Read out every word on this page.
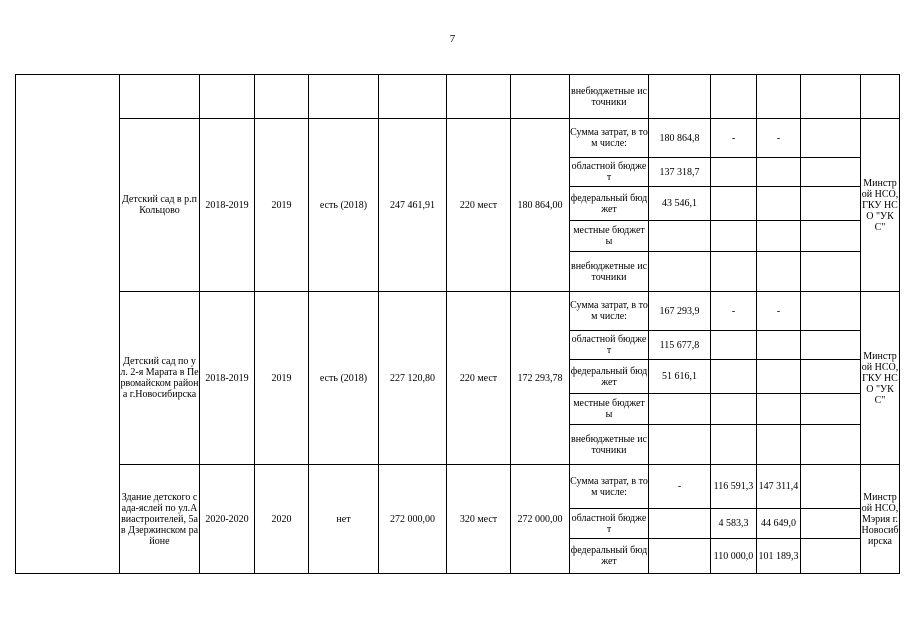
7
								внебюджетные источники					
	Детский сад в р.п Кольцово	2018-2019	2019	есть (2018)	247 461,91	220 мест	180 864,00	Сумма затрат, в том числе:	180 864,8	-	-		Минстрой НСО, ГКУ НСО "УКС"
								областной бюджет	137 318,7				
								федеральный бюджет	43 546,1				
								местные бюджеты					
								внебюджетные источники					
	Детский сад по ул. 2-я Марата в Первомайском района г.Новосибирска	2018-2019	2019	есть (2018)	227 120,80	220 мест	172 293,78	Сумма затрат, в том числе:	167 293,9	-	-		Минстрой НСО, ГКУ НСО "УКС"
								областной бюджет	115 677,8				
								федеральный бюджет	51 616,1				
								местные бюджеты					
								внебюджетные источники					
	Здание детского сада-яслей по ул.Авиастроителей, 5а в Дзержинском районе	2020-2020	2020	нет	272 000,00	320 мест	272 000,00	Сумма затрат, в том числе:	-	116 591,3	147 311,4		Минстрой НСО, Мэрия г.Новосибирска
								областной бюджет		4 583,3	44 649,0		
								федеральный бюджет		110 000,0	101 189,3		
